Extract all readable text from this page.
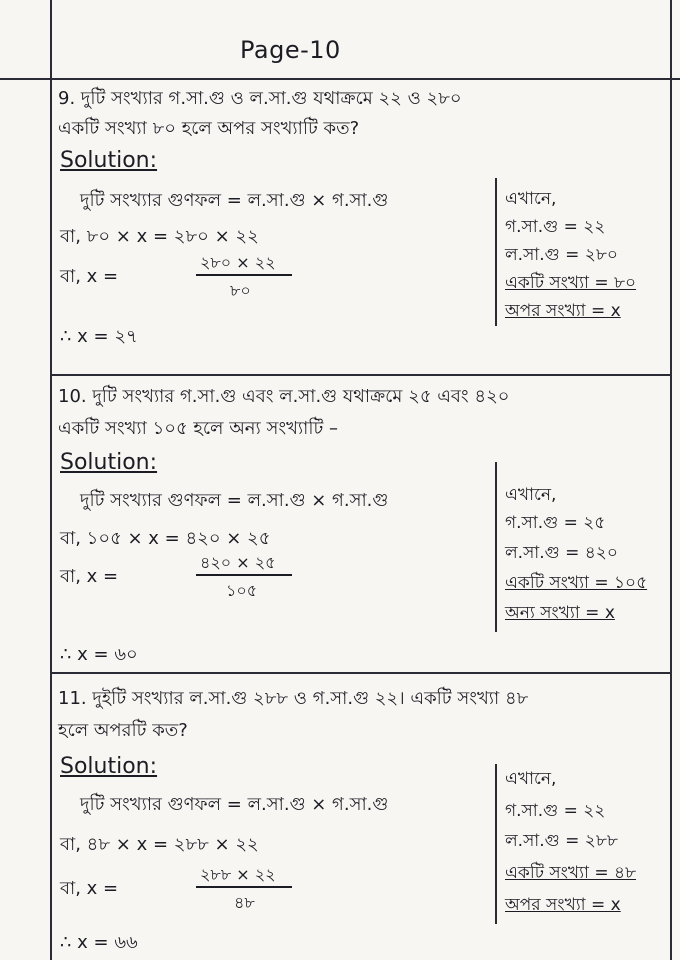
Page-10
9. দুটি সংখ্যার গ.সা.গু ও ল.সা.গু যথাক্রমে ২২ ও ২৮০
একটি সংখ্যা ৮০ হলে অপর সংখ্যাটি কত?
Solution:
দুটি সংখ্যার গুণফল = ল.সা.গু × গ.সা.গু
বা, ৮০ × x = ২৮০ × ২২
বা, x =
২৮০ × ২২
৮০
∴ x = ২৭
এখানে,
গ.সা.গু = ২২
ল.সা.গু = ২৮০
একটি সংখ্যা = ৮০
অপর সংখ্যা = x
10. দুটি সংখ্যার গ.সা.গু এবং ল.সা.গু যথাক্রমে ২৫ এবং ৪২০
একটি সংখ্যা ১০৫ হলে অন্য সংখ্যাটি –
Solution:
দুটি সংখ্যার গুণফল = ল.সা.গু × গ.সা.গু
বা, ১০৫ × x = ৪২০ × ২৫
বা, x =
৪২০ × ২৫
১০৫
∴ x = ৬০
এখানে,
গ.সা.গু = ২৫
ল.সা.গু = ৪২০
একটি সংখ্যা = ১০৫
অন্য সংখ্যা = x
11. দুইটি সংখ্যার ল.সা.গু ২৮৮ ও গ.সা.গু ২২। একটি সংখ্যা ৪৮
হলে অপরটি কত?
Solution:
দুটি সংখ্যার গুণফল = ল.সা.গু × গ.সা.গু
বা, ৪৮ × x = ২৮৮ × ২২
বা, x =
২৮৮ × ২২
৪৮
∴ x = ৬৬
এখানে,
গ.সা.গু = ২২
ল.সা.গু = ২৮৮
একটি সংখ্যা = ৪৮
অপর সংখ্যা = x
